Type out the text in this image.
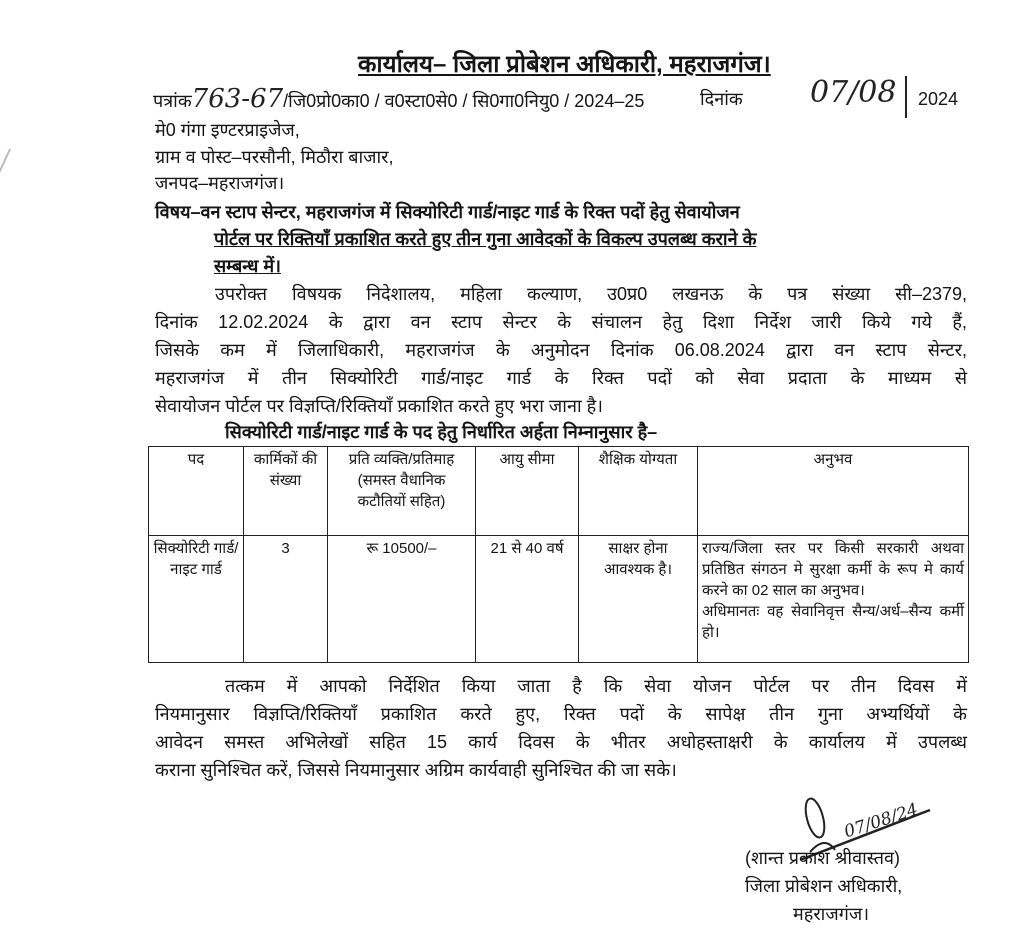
कार्यालय– जिला प्रोबेशन अधिकारी, महराजगंज।
पत्रांक763-67/जि0प्रो0का0 / व0स्टा0से0 / सि0गा0नियु0 / 2024–25	दिनांक 07/08 2024
मे0 गंगा इण्टरप्राइजेज,
ग्राम व पोस्ट–परसौनी, मिठौरा बाजार,
जनपद–महराजगंज।
विषय–वन स्टाप सेन्टर, महराजगंज में सिक्योरिटी गार्ड/नाइट गार्ड के रिक्त पदों हेतु सेवायोजन
पोर्टल पर रिक्तियॉं प्रकाशित करते हुए तीन गुना आवेदकों के विकल्प उपलब्ध कराने के
सम्बन्ध में।
उपरोक्त विषयक निदेशालय, महिला कल्याण, उ0प्र0 लखनऊ के पत्र संख्या सी–2379,
दिनांक 12.02.2024 के द्वारा वन स्टाप सेन्टर के संचालन हेतु दिशा निर्देश जारी किये गये हैं,
जिसके कम में जिलाधिकारी, महराजगंज के अनुमोदन दिनांक 06.08.2024 द्वारा वन स्टाप सेन्टर,
महराजगंज में तीन सिक्योरिटी गार्ड/नाइट गार्ड के रिक्त पदों को सेवा प्रदाता के माध्यम से
सेवायोजन पोर्टल पर विज्ञप्ति/रिक्तियॉं प्रकाशित करते हुए भरा जाना है।
सिक्योरिटी गार्ड/नाइट गार्ड के पद हेतु निर्धारित अर्हता निम्नानुसार है–
पद	कार्मिकों की संख्या	प्रति व्यक्ति/प्रतिमाह (समस्त वैधानिक कटौतियों सहित)	आयु सीमा	शैक्षिक योग्यता	अनुभव
सिक्योरिटी गार्ड/नाइट गार्ड	3	रू 10500/–	21 से 40 वर्ष	साक्षर होना आवश्यक है।	राज्य/जिला स्तर पर किसी सरकारी अथवा प्रतिष्ठित संगठन मे सुरक्षा कर्मी के रूप मे कार्य करने का 02 साल का अनुभव।
अधिमानतः वह सेवानिवृत्त सैन्य/अर्ध–सैन्य कर्मी हो।
तत्कम में आपको निर्देशित किया जाता है कि सेवा योजन पोर्टल पर तीन दिवस में
नियमानुसार विज्ञप्ति/रिक्तियॉं प्रकाशित करते हुए, रिक्त पदों के सापेक्ष तीन गुना अभ्यर्थियों के
आवेदन समस्त अभिलेखों सहित 15 कार्य दिवस के भीतर अधोहस्ताक्षरी के कार्यालय में उपलब्ध
कराना सुनिश्चित करें, जिससे नियमानुसार अग्रिम कार्यवाही सुनिश्चित की जा सके।
07/08/24
(शान्त प्रकाश श्रीवास्तव)
जिला प्रोबेशन अधिकारी,
महराजगंज।
